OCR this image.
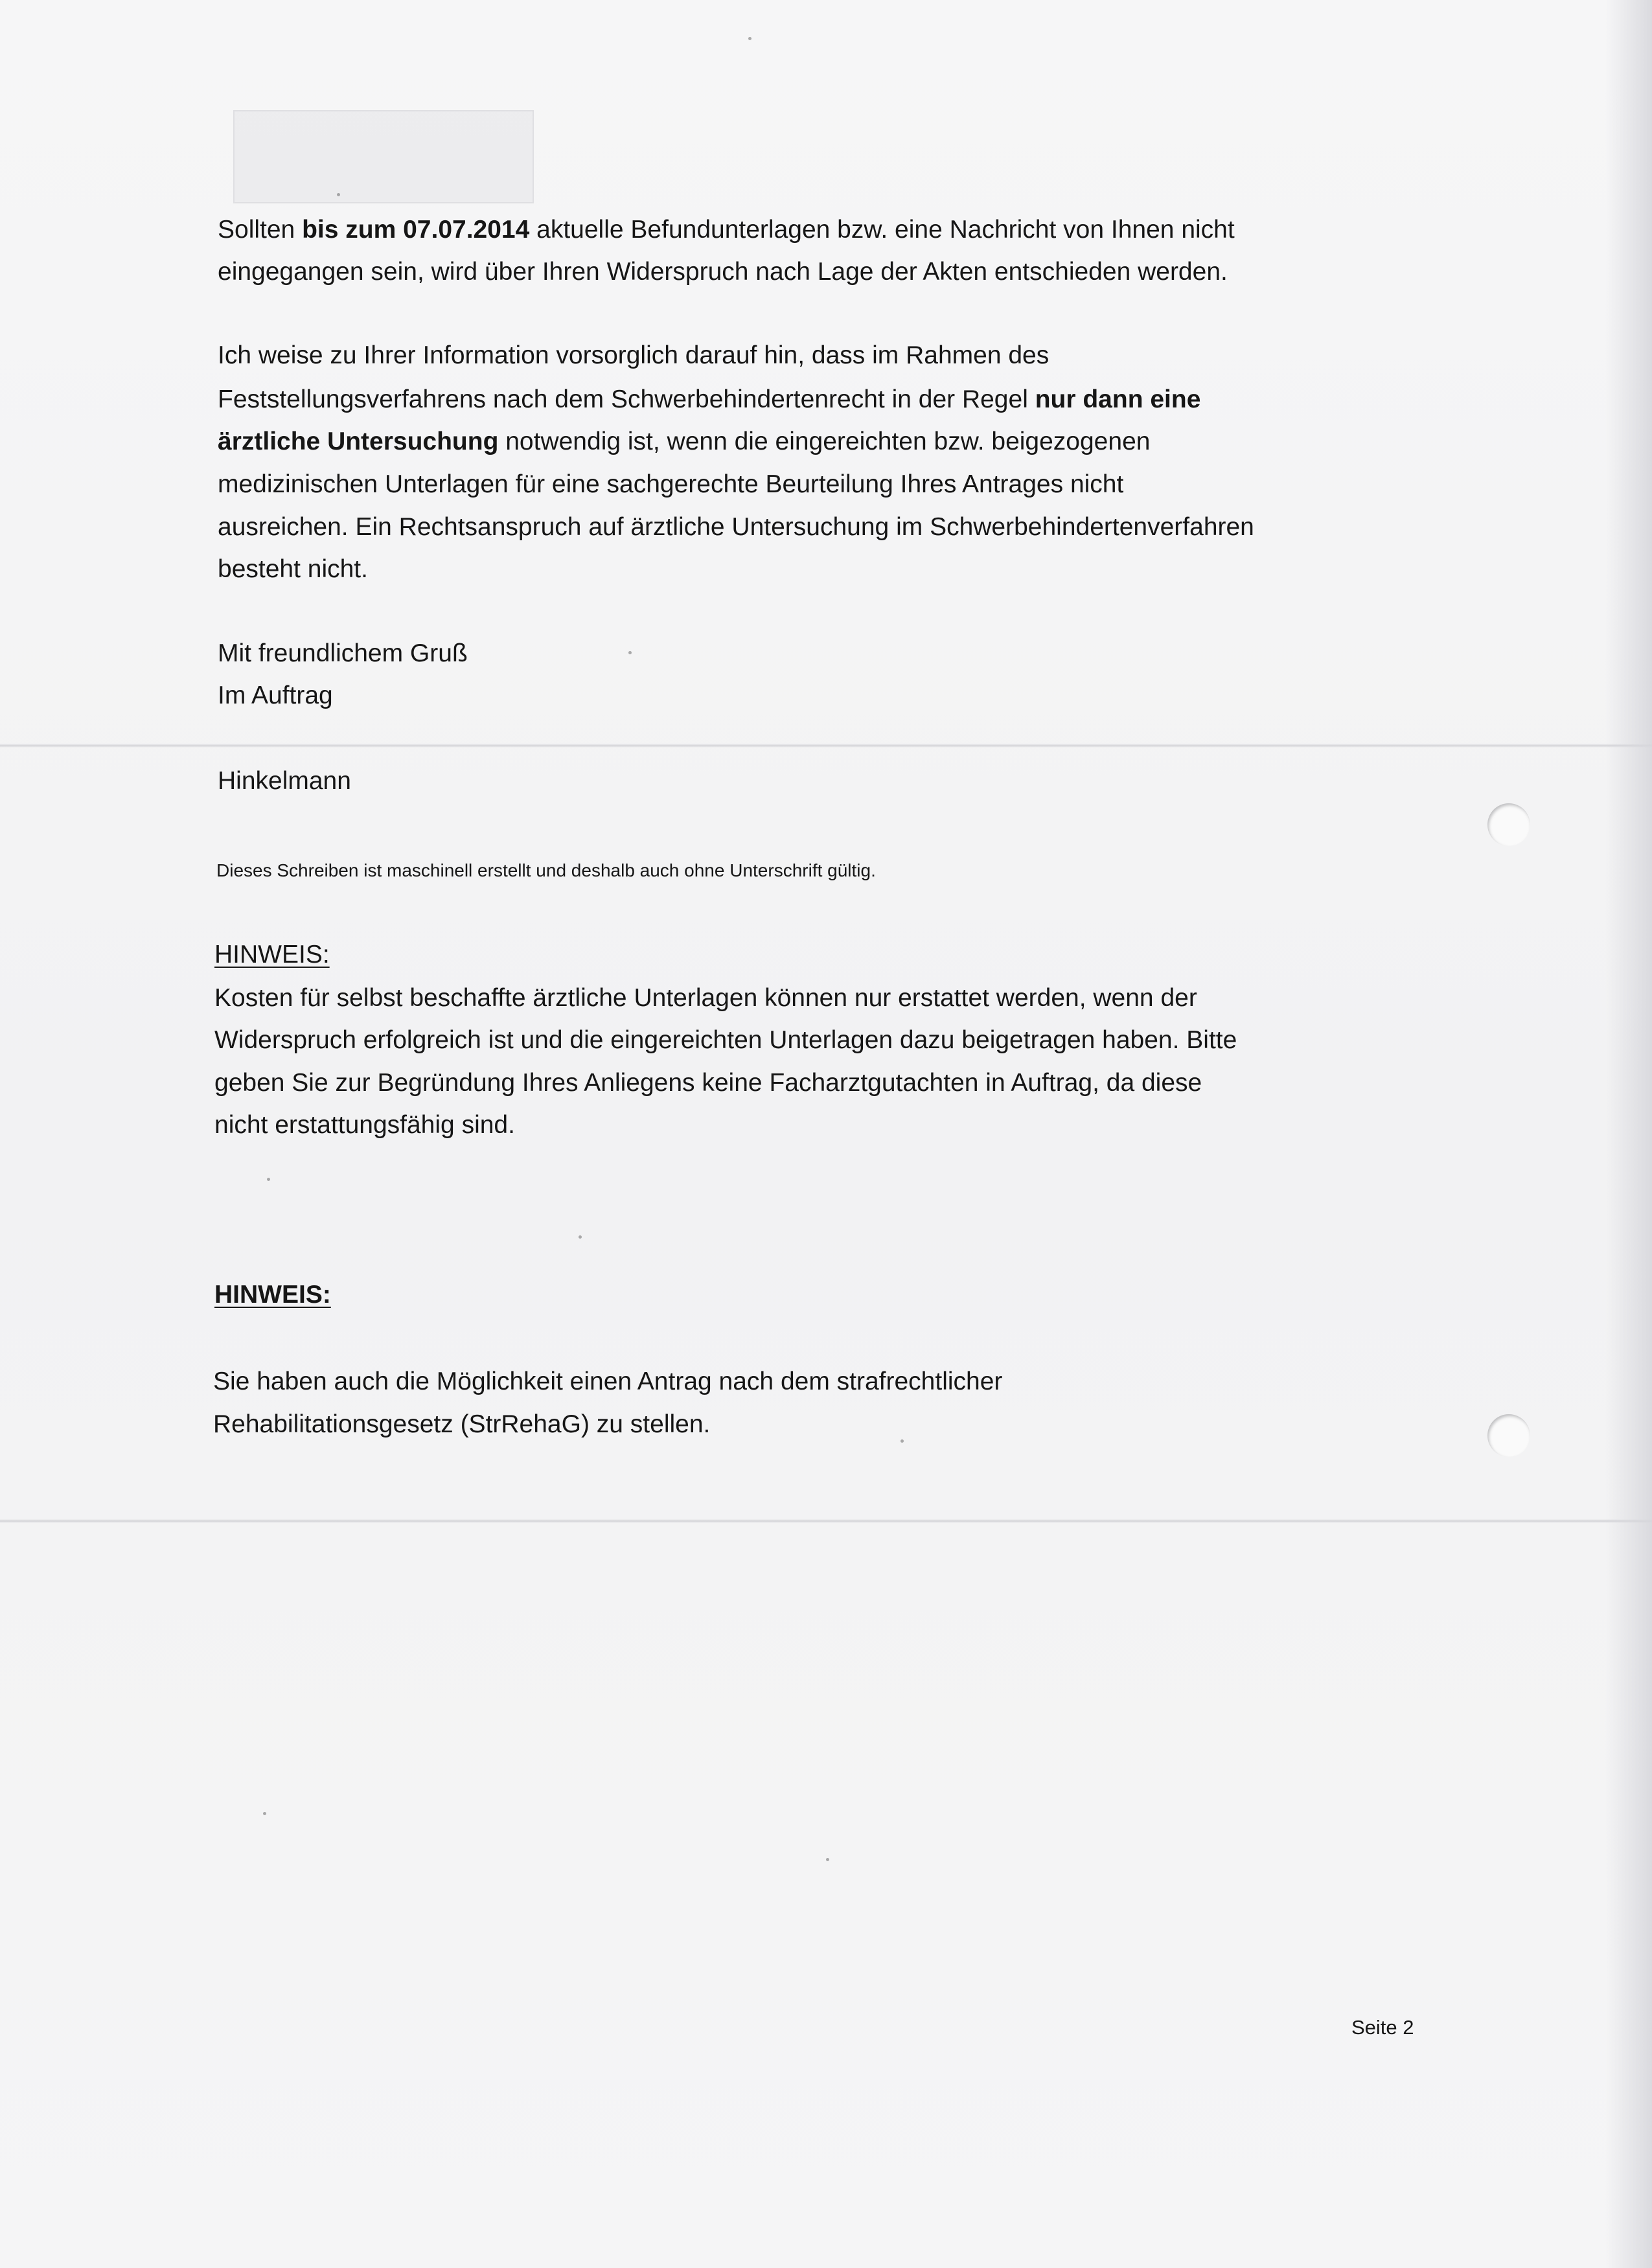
Sollten bis zum 07.07.2014 aktuelle Befundunterlagen bzw. eine Nachricht von Ihnen nicht
eingegangen sein, wird über Ihren Widerspruch nach Lage der Akten entschieden werden.
Ich weise zu Ihrer Information vorsorglich darauf hin, dass im Rahmen des
Feststellungsverfahrens nach dem Schwerbehindertenrecht in der Regel nur dann eine
ärztliche Untersuchung notwendig ist, wenn die eingereichten bzw. beigezogenen
medizinischen Unterlagen für eine sachgerechte Beurteilung Ihres Antrages nicht
ausreichen. Ein Rechtsanspruch auf ärztliche Untersuchung im Schwerbehindertenverfahren
besteht nicht.
Mit freundlichem Gruß
Im Auftrag
Hinkelmann
Dieses Schreiben ist maschinell erstellt und deshalb auch ohne Unterschrift gültig.
HINWEIS:
Kosten für selbst beschaffte ärztliche Unterlagen können nur erstattet werden, wenn der
Widerspruch erfolgreich ist und die eingereichten Unterlagen dazu beigetragen haben. Bitte
geben Sie zur Begründung Ihres Anliegens keine Facharztgutachten in Auftrag, da diese
nicht erstattungsfähig sind.
HINWEIS:
Sie haben auch die Möglichkeit einen Antrag nach dem strafrechtlicher
Rehabilitationsgesetz (StrRehaG) zu stellen.
Seite 2
